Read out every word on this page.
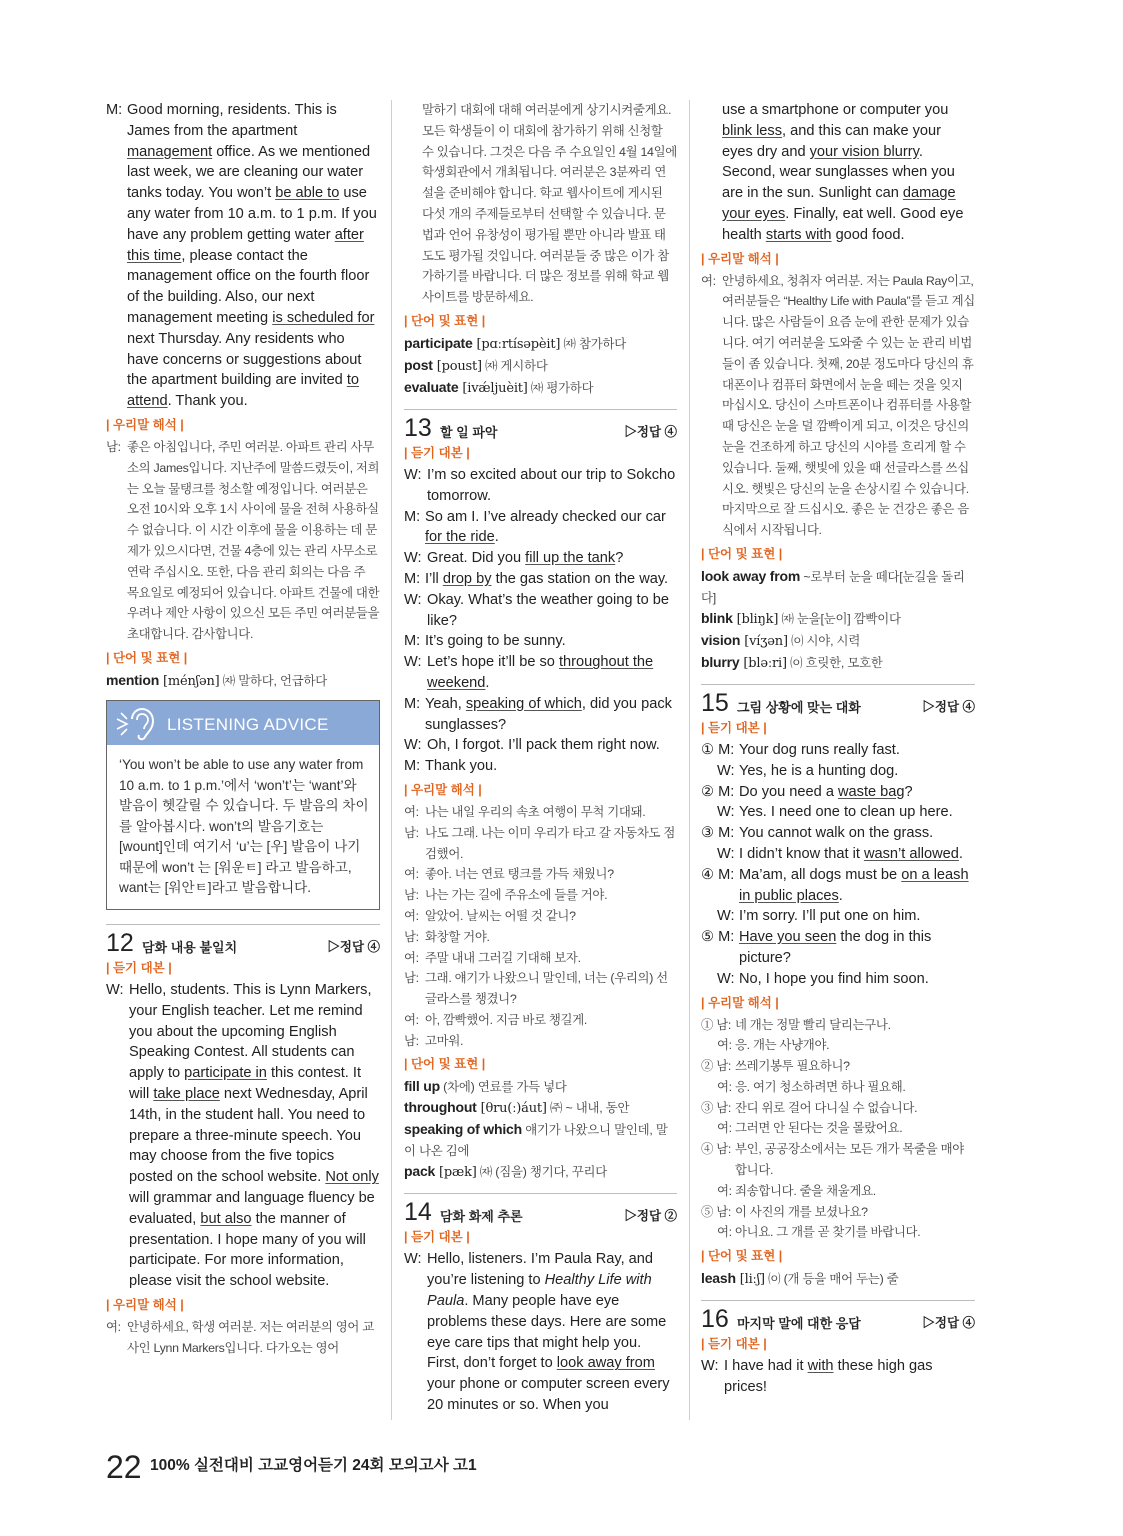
M: Good morning, residents. This is James from the apartment management office. As we mentioned last week, we are cleaning our water tanks today. You won’t be able to use any water from 10 a.m. to 1 p.m. If you have any problem getting water after this time, please contact the management office on the fourth floor of the building. Also, our next management meeting is scheduled for next Thursday. Any residents who have concerns or suggestions about the apartment building are invited to attend. Thank you.

| 우리말 해석 |

남: 좋은 아침입니다, 주민 여러분. 아파트 관리 사무소의 James입니다. 지난주에 말씀드렸듯이, 저희는 오늘 물탱크를 청소할 예정입니다. 여러분은 오전 10시와 오후 1시 사이에 물을 전혀 사용하실 수 없습니다. 이 시간 이후에 물을 이용하는 데 문제가 있으시다면, 건물 4층에 있는 관리 사무소로 연락 주십시오. 또한, 다음 관리 회의는 다음 주 목요일로 예정되어 있습니다. 아파트 건물에 대한 우려나 제안 사항이 있으신 모든 주민 여러분들을 초대합니다. 감사합니다.

| 단어 및 표현 |

mention [ménʃən] ㈖ 말하다, 언급하다

LISTENING ADVICE
‘You won’t be able to use any water from 10 a.m. to 1 p.m.’에서 ‘won’t’는 ‘want’와 발음이 헷갈릴 수 있습니다. 두 발음의 차이를 알아봅시다. won’t의 발음기호는 [wount]인데 여기서 ‘u’는 [우] 발음이 나기 때문에 won’t 는 [워운ㅌ] 라고 발음하고, want는 [워안ㅌ]라고 발음합니다.
12 담화 내용 불일치	▷정답 ④
| 듣기 대본 |

W: Hello, students. This is Lynn Markers, your English teacher. Let me remind you about the upcoming English Speaking Contest. All students can apply to participate in this contest. It will take place next Wednesday, April 14th, in the student hall. You need to prepare a three-minute speech. You may choose from the five topics posted on the school website. Not only will grammar and language fluency be evaluated, but also the manner of presentation. I hope many of you will participate. For more information, please visit the school website.

| 우리말 해석 |

여: 안녕하세요, 학생 여러분. 저는 여러분의 영어 교사인 Lynn Markers입니다. 다가오는 영어

말하기 대회에 대해 여러분에게 상기시켜줄게요. 모든 학생들이 이 대회에 참가하기 위해 신청할 수 있습니다. 그것은 다음 주 수요일인 4월 14일에 학생회관에서 개최됩니다. 여러분은 3분짜리 연설을 준비해야 합니다. 학교 웹사이트에 게시된 다섯 개의 주제들로부터 선택할 수 있습니다. 문법과 언어 유창성이 평가될 뿐만 아니라 발표 태도도 평가될 것입니다. 여러분들 중 많은 이가 참가하기를 바랍니다. 더 많은 정보를 위해 학교 웹사이트를 방문하세요.

| 단어 및 표현 |

participate [pɑːrtísəpèit] ㈖ 참가하다

post [poust] ㈖ 게시하다

evaluate [ivǽljuèit] ㈖ 평가하다

13 할 일 파악	▷정답 ④
| 듣기 대본 |

W: I’m so excited about our trip to Sokcho tomorrow.

M: So am I. I’ve already checked our car for the ride.

W: Great. Did you fill up the tank?

M: I’ll drop by the gas station on the way.

W: Okay. What’s the weather going to be like?

M: It’s going to be sunny.

W: Let’s hope it’ll be so throughout the weekend.

M: Yeah, speaking of which, did you pack sunglasses?

W: Oh, I forgot. I’ll pack them right now.

M: Thank you.

| 우리말 해석 |

여: 나는 내일 우리의 속초 여행이 무척 기대돼.

남: 나도 그래. 나는 이미 우리가 타고 갈 자동차도 점검했어.

여: 좋아. 너는 연료 탱크를 가득 채웠니?

남: 나는 가는 길에 주유소에 들를 거야.

여: 알았어. 날씨는 어떨 것 같니?

남: 화창할 거야.

여: 주말 내내 그러길 기대해 보자.

남: 그래. 얘기가 나왔으니 말인데, 너는 (우리의) 선글라스를 챙겼니?

여: 아, 깜빡했어. 지금 바로 챙길게.

남: 고마워.

| 단어 및 표현 |

fill up (차에) 연료를 가득 넣다

throughout [θru(ː)áut] ㈜ ~ 내내, 동안

speaking of which 얘기가 나왔으니 말인데, 말이 나온 김에

pack [pæk] ㈖ (짐을) 챙기다, 꾸리다

14 담화 화제 추론	▷정답 ②
| 듣기 대본 |

W: Hello, listeners. I’m Paula Ray, and you’re listening to Healthy Life with Paula. Many people have eye problems these days. Here are some eye care tips that might help you. First, don’t forget to look away from your phone or computer screen every 20 minutes or so. When you

use a smartphone or computer you blink less, and this can make your eyes dry and your vision blurry. Second, wear sunglasses when you are in the sun. Sunlight can damage your eyes. Finally, eat well. Good eye health starts with good food.

| 우리말 해석 |

여: 안녕하세요, 청취자 여러분. 저는 Paula Ray이고, 여러분들은 “Healthy Life with Paula”를 듣고 계십니다. 많은 사람들이 요즘 눈에 관한 문제가 있습니다. 여기 여러분을 도와줄 수 있는 눈 관리 비법들이 좀 있습니다. 첫째, 20분 정도마다 당신의 휴대폰이나 컴퓨터 화면에서 눈을 떼는 것을 잊지 마십시오. 당신이 스마트폰이나 컴퓨터를 사용할 때 당신은 눈을 덜 깜빡이게 되고, 이것은 당신의 눈을 건조하게 하고 당신의 시야를 흐리게 할 수 있습니다. 둘째, 햇빛에 있을 때 선글라스를 쓰십시오. 햇빛은 당신의 눈을 손상시킬 수 있습니다. 마지막으로 잘 드십시오. 좋은 눈 건강은 좋은 음식에서 시작됩니다.

| 단어 및 표현 |

look away from ~로부터 눈을 떼다[눈길을 돌리다]

blink [bliŋk] ㈖ 눈을[눈이] 깜빡이다

vision [víʒən] ㈇ 시야, 시력

blurry [bləːri] ㈇ 흐릿한, 모호한

15 그림 상황에 맞는 대화	▷정답 ④
| 듣기 대본 |

① M: Your dog runs really fast.

W: Yes, he is a hunting dog.

② M: Do you need a waste bag?

W: Yes. I need one to clean up here.

③ M: You cannot walk on the grass.

W: I didn’t know that it wasn’t allowed.

④ M: Ma’am, all dogs must be on a leash in public places.

W: I’m sorry. I’ll put one on him.

⑤ M: Have you seen the dog in this picture?

W: No, I hope you find him soon.

| 우리말 해석 |

① 남: 네 개는 정말 빨리 달리는구나.

여: 응. 개는 사냥개야.

② 남: 쓰레기봉투 필요하니?

여: 응. 여기 청소하려면 하나 필요해.

③ 남: 잔디 위로 걸어 다니실 수 없습니다.

여: 그러면 안 된다는 것을 몰랐어요.

④ 남: 부인, 공공장소에서는 모든 개가 목줄을 매야 합니다.

여: 죄송합니다. 줄을 채울게요.

⑤ 남: 이 사진의 개를 보셨나요?

여: 아니요. 그 개를 곧 찾기를 바랍니다.

| 단어 및 표현 |

leash [liːʃ] ㈇ (개 등을 매어 두는) 줄

16 마지막 말에 대한 응답	▷정답 ④
| 듣기 대본 |

W: I have had it with these high gas prices!

22 100% 실전대비 고교영어듣기 24회 모의고사 고1
